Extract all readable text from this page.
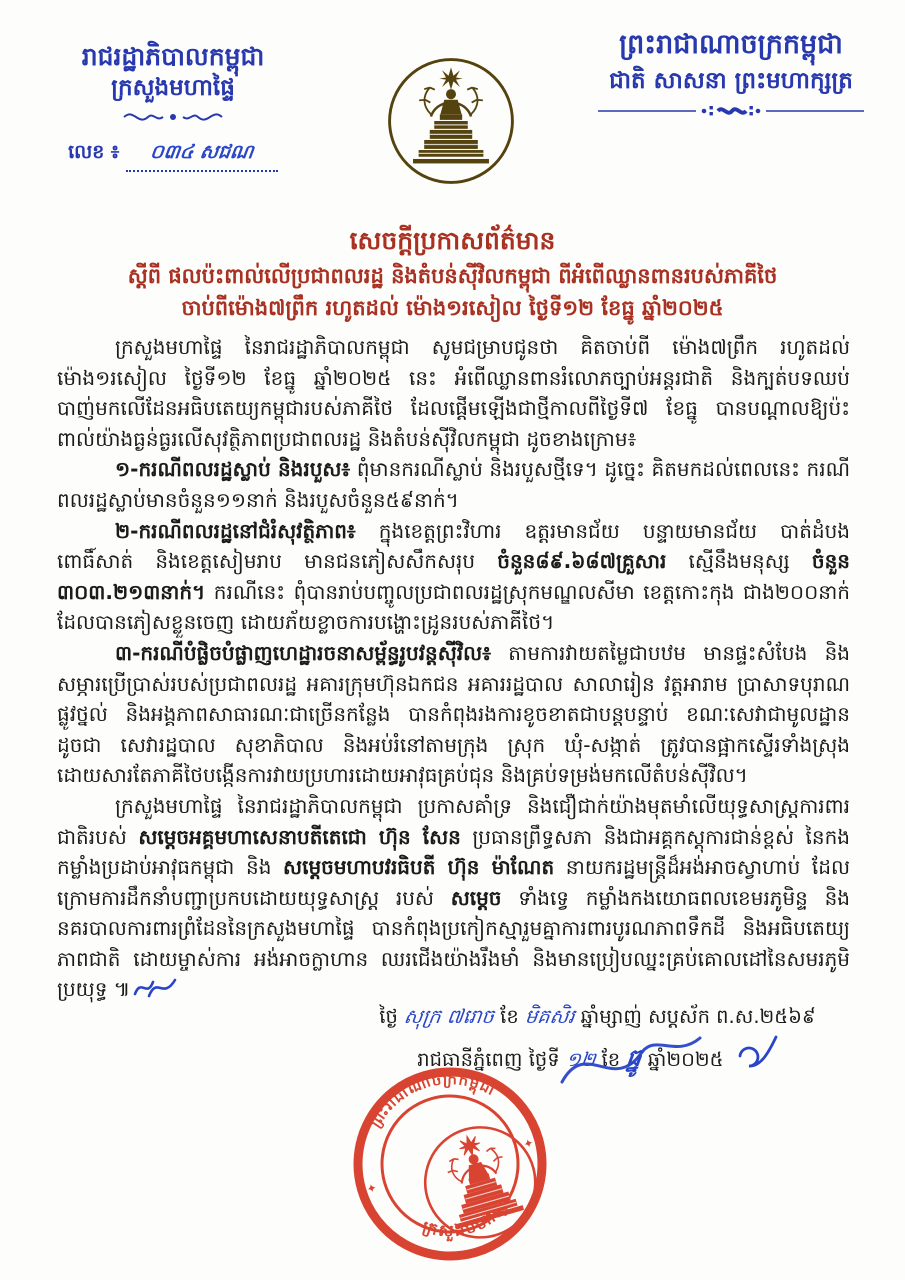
រាជរដ្ឋាភិបាលកម្ពុជា
ក្រសួងមហាផ្ទៃ
លេខ ៖ ០៣៤ សជណ
ព្រះរាជាណាចក្រកម្ពុជា
ជាតិ សាសនា ព្រះមហាក្សត្រ
សេចក្តីប្រកាសព័ត៌មាន
ស្តីពី ផលប៉ះពាល់លើប្រជាពលរដ្ឋ និងតំបន់ស៊ីវិលកម្ពុជា ពីអំពើឈ្លានពានរបស់ភាគីថៃ
ចាប់ពីម៉ោង៧ព្រឹក រហូតដល់ ម៉ោង១រសៀល ថ្ងៃទី១២ ខែធ្នូ ឆ្នាំ២០២៥

ក្រសួងមហាផ្ទៃ នៃរាជរដ្ឋាភិបាលកម្ពុជា សូមជម្រាបជូនថា គិតចាប់ពី ម៉ោង៧ព្រឹក រហូតដល់ ម៉ោង១រសៀល ថ្ងៃទី១២ ខែធ្នូ ឆ្នាំ២០២៥ នេះ អំពើឈ្លានពានរំលោភច្បាប់អន្តរជាតិ និងក្បត់បទឈប់បាញ់មកលើដែនអធិបតេយ្យកម្ពុជារបស់ភាគីថៃ ដែលផ្តើមឡើងជាថ្មីកាលពីថ្ងៃទី៧ ខែធ្នូ បានបណ្តាលឱ្យប៉ះពាល់យ៉ាងធ្ងន់ធ្ងរលើសុវត្ថិភាពប្រជាពលរដ្ឋ និងតំបន់ស៊ីវិលកម្ពុជា ដូចខាងក្រោម៖

១-ករណីពលរដ្ឋស្លាប់ និងរបួស៖ ពុំមានករណីស្លាប់ និងរបួសថ្មីទេ។ ដូច្នេះ គិតមកដល់ពេលនេះ ករណីពលរដ្ឋស្លាប់មានចំនួន១១នាក់ និងរបួសចំនួន៥៩នាក់។

២-ករណីពលរដ្ឋនៅជំរំសុវត្ថិភាព៖ ក្នុងខេត្តព្រះវិហារ ឧត្តរមានជ័យ បន្ទាយមានជ័យ បាត់ដំបង ពោធិ៍សាត់ និងខេត្តសៀមរាប មានជនភៀសសឹកសរុប ចំនួន៨៩.៦៨៧គ្រួសារ ស្មើនឹងមនុស្ស ចំនួន ៣០៣.២១៣នាក់។ ករណីនេះ ពុំបានរាប់បញ្ចូលប្រជាពលរដ្ឋស្រុកមណ្ឌលសីមា ខេត្តកោះកុង ជាង២០០នាក់ ដែលបានភៀសខ្លួនចេញ ដោយភ័យខ្លាចការបង្ហោះដ្រូនរបស់ភាគីថៃ។

៣-ករណីបំផ្លិចបំផ្លាញហេដ្ឋារចនាសម្ព័ន្ធរូបវន្តស៊ីវិល៖ តាមការវាយតម្លៃជាបឋម មានផ្ទះសំបែង និងសម្ភារប្រើប្រាស់របស់ប្រជាពលរដ្ឋ អគារក្រុមហ៊ុនឯកជន អគាររដ្ឋបាល សាលារៀន វត្តអារាម ប្រាសាទបុរាណ ផ្លូវថ្នល់ និងអង្គភាពសាធារណៈជាច្រើនកន្លែង បានកំពុងរងការខូចខាតជាបន្តបន្ទាប់ ខណៈសេវាជាមូលដ្ឋានដូចជា សេវារដ្ឋបាល សុខាភិបាល និងអប់រំនៅតាមក្រុង ស្រុក ឃុំ-សង្កាត់ ត្រូវបានផ្អាកស្ទើរទាំងស្រុង ដោយសារតែភាគីថៃបង្កើនការវាយប្រហារដោយអាវុធគ្រប់ជុន និងគ្រប់ទម្រង់មកលើតំបន់ស៊ីវិល។

ក្រសួងមហាផ្ទៃ នៃរាជរដ្ឋាភិបាលកម្ពុជា ប្រកាសគាំទ្រ និងជឿជាក់យ៉ាងមុតមាំលើយុទ្ធសាស្ត្រការពារជាតិរបស់ សម្តេចអគ្គមហាសេនាបតីតេជោ ហ៊ុន សែន ប្រធានព្រឹទ្ធសភា និងជាអគ្គកស្តុការជាន់ខ្ពស់ នៃកងកម្លាំងប្រដាប់អាវុធកម្ពុជា និង សម្តេចមហាបវរធិបតី ហ៊ុន ម៉ាណែត នាយករដ្ឋមន្ត្រីដ៏អង់អាចស្វាហាប់ ដែលក្រោមការដឹកនាំបញ្ជាប្រកបដោយយុទ្ធសាស្ត្រ របស់ សម្តេច ទាំងទ្វេ កម្លាំងកងយោធពលខេមរភូមិន្ទ និងនគរបាលការពារព្រំដែននៃក្រសួងមហាផ្ទៃ បានកំពុងប្រកៀកស្មារួមគ្នាការពារបូរណភាពទឹកដី និងអធិបតេយ្យភាពជាតិ ដោយម្ចាស់ការ អង់អាចក្លាហាន ឈរជើងយ៉ាងរឹងមាំ និងមានប្រៀបឈ្នះគ្រប់គោលដៅនៃសមរភូមិប្រយុទ្ធ ៕

ថ្ងៃ សុក្រ ៧រោច ខែ មិគសិរ ឆ្នាំម្សាញ់ សប្តស័ក ព.ស.២៥៦៩
រាជធានីភ្នំពេញ ថ្ងៃទី ១២ ខែ ធ្នូ ឆ្នាំ២០២៥
ព្រះរាជាណាចក្រកម្ពុជា
ក្រសួងមហាផ្ទៃ
✦
✦
